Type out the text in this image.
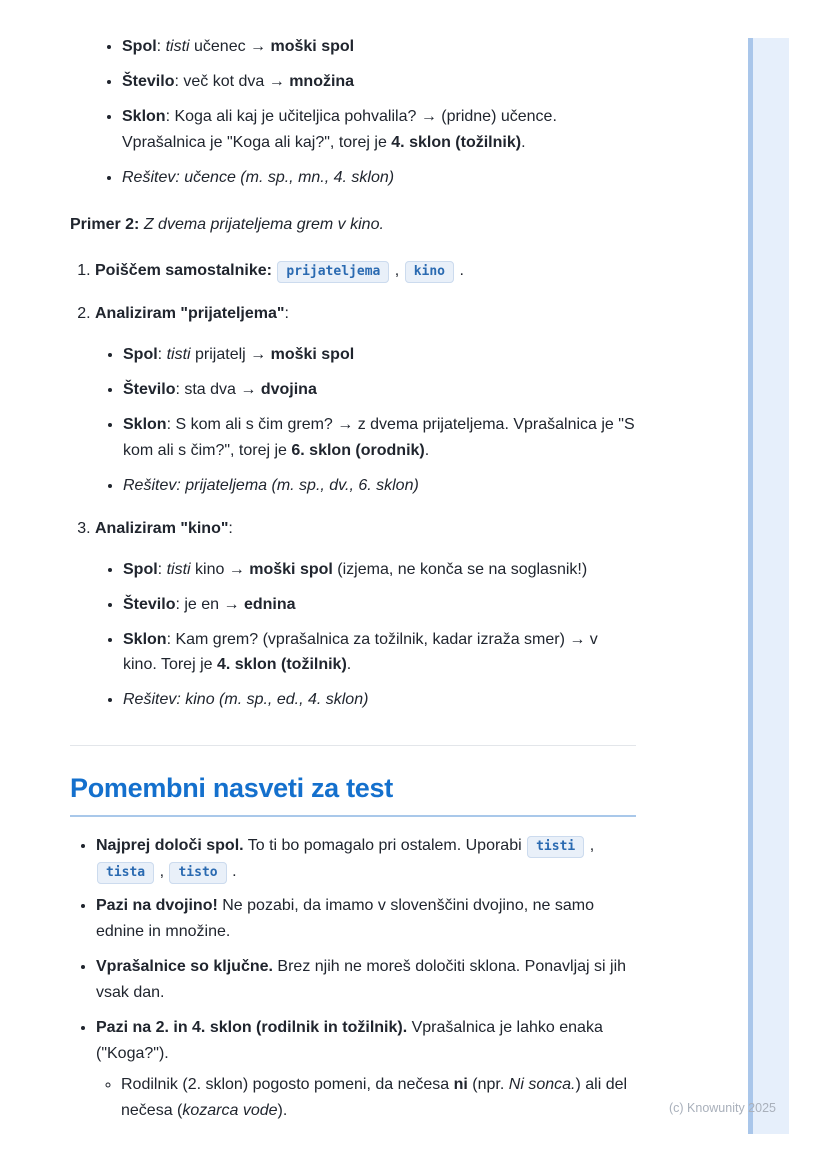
• Spol: tisti učenec → moški spol
• Število: več kot dva → množina
• Sklon: Koga ali kaj je učiteljica pohvalila? → (pridne) učence. Vprašalnica je "Koga ali kaj?", torej je 4. sklon (tožilnik).
• Rešitev: učence (m. sp., mn., 4. sklon)

Primer 2: Z dvema prijateljema grem v kino.

1. Poiščem samostalnike: prijateljema , kino .
2. Analiziram "prijateljema":
• Spol: tisti prijatelj → moški spol
• Število: sta dva → dvojina
• Sklon: S kom ali s čim grem? → z dvema prijateljema. Vprašalnica je "S kom ali s čim?", torej je 6. sklon (orodnik).
• Rešitev: prijateljema (m. sp., dv., 6. sklon)
3. Analiziram "kino":
• Spol: tisti kino → moški spol (izjema, ne konča se na soglasnik!)
• Število: je en → ednina
• Sklon: Kam grem? (vprašalnica za tožilnik, kadar izraža smer) → v kino. Torej je 4. sklon (tožilnik).
• Rešitev: kino (m. sp., ed., 4. sklon)
Pomembni nasveti za test
• Najprej določi spol. To ti bo pomagalo pri ostalem. Uporabi tisti , tista , tisto .
• Pazi na dvojino! Ne pozabi, da imamo v slovenščini dvojino, ne samo ednine in množine.
• Vprašalnice so ključne. Brez njih ne moreš določiti sklona. Ponavljaj si jih vsak dan.
• Pazi na 2. in 4. sklon (rodilnik in tožilnik). Vprašalnica je lahko enaka ("Koga?").
◦ Rodilnik (2. sklon) pogosto pomeni, da nečesa ni (npr. Ni sonca.) ali del nečesa (kozarca vode).	(c) Knowunity 2025
